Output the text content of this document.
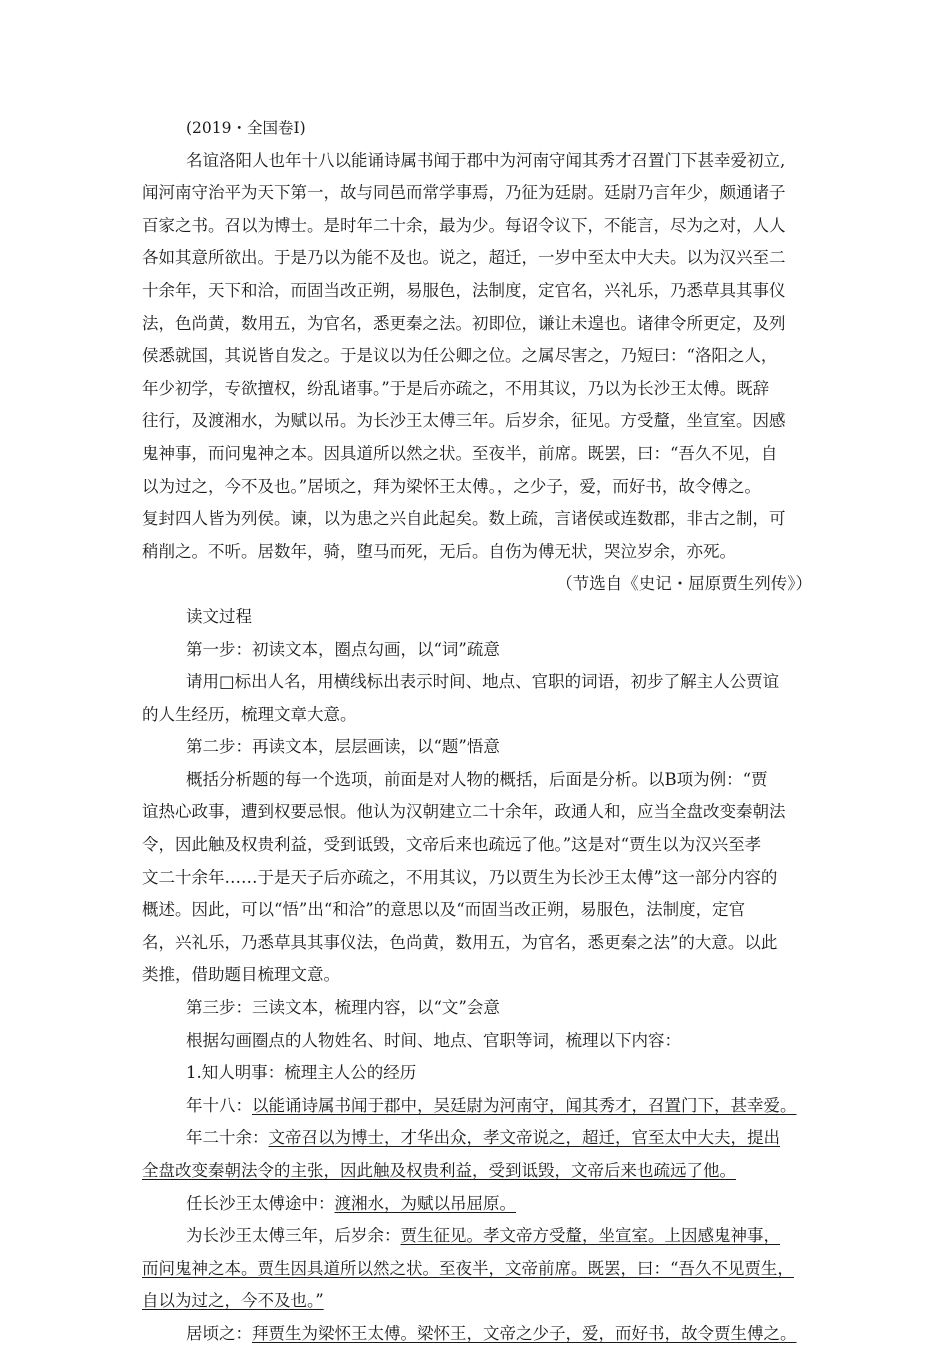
(2019・全国卷Ⅰ)
名谊洛阳人也年十八以能诵诗属书闻于郡中为河南守闻其秀才召置门下甚幸爱初立,
闻河南守治平为天下第一，故与同邑而常学事焉，乃征为廷尉。廷尉乃言年少，颇通诸子
百家之书。召以为博士。是时年二十余，最为少。每诏令议下，不能言，尽为之对，人人
各如其意所欲出。于是乃以为能不及也。说之，超迁，一岁中至太中大夫。以为汉兴至二
十余年，天下和洽，而固当改正朔，易服色，法制度，定官名，兴礼乐，乃悉草具其事仪
法，色尚黄，数用五，为官名，悉更秦之法。初即位，谦让未遑也。诸律令所更定，及列
侯悉就国，其说皆自发之。于是议以为任公卿之位。之属尽害之，乃短曰：“洛阳之人，
年少初学，专欲擅权，纷乱诸事。”于是后亦疏之，不用其议，乃以为长沙王太傅。既辞
往行，及渡湘水，为赋以吊。为长沙王太傅三年。后岁余，征见。方受釐，坐宣室。因感
鬼神事，而问鬼神之本。因具道所以然之状。至夜半，前席。既罢，曰：“吾久不见，自
以为过之，今不及也。”居顷之，拜为梁怀王太傅。，之少子，爱，而好书，故令傅之。
复封四人皆为列侯。谏，以为患之兴自此起矣。数上疏，言诸侯或连数郡，非古之制，可
稍削之。不听。居数年，骑，堕马而死，无后。自伤为傅无状，哭泣岁余，亦死。
（节选自《史记・屈原贾生列传》）
读文过程
第一步：初读文本，圈点勾画，以“词”疏意
请用□标出人名，用横线标出表示时间、地点、官职的词语，初步了解主人公贾谊
的人生经历，梳理文章大意。
第二步：再读文本，层层画读，以“题”悟意
概括分析题的每一个选项，前面是对人物的概括，后面是分析。以B项为例：“贾
谊热心政事，遭到权要忌恨。他认为汉朝建立二十余年，政通人和，应当全盘改变秦朝法
令，因此触及权贵利益，受到诋毁，文帝后来也疏远了他。”这是对“贾生以为汉兴至孝
文二十余年……于是天子后亦疏之，不用其议，乃以贾生为长沙王太傅”这一部分内容的
概述。因此，可以“悟”出“和洽”的意思以及“而固当改正朔，易服色，法制度，定官
名，兴礼乐，乃悉草具其事仪法，色尚黄，数用五，为官名，悉更秦之法”的大意。以此
类推，借助题目梳理文意。
第三步：三读文本，梳理内容，以“文”会意
根据勾画圈点的人物姓名、时间、地点、官职等词，梳理以下内容：
1.知人明事：梳理主人公的经历
年十八：以能诵诗属书闻于郡中，吴廷尉为河南守，闻其秀才，召置门下，甚幸爱。
年二十余：文帝召以为博士，才华出众，孝文帝说之，超迁，官至太中大夫，提出
全盘改变秦朝法令的主张，因此触及权贵利益，受到诋毁，文帝后来也疏远了他。
任长沙王太傅途中：渡湘水，为赋以吊屈原。
为长沙王太傅三年，后岁余：贾生征见。孝文帝方受釐，坐宣室。上因感鬼神事，
而问鬼神之本。贾生因具道所以然之状。至夜半，文帝前席。既罢，曰：“吾久不见贾生，
自以为过之，今不及也。”
居顷之：拜贾生为梁怀王太傅。梁怀王，文帝之少子，爱，而好书，故令贾生傅之。
